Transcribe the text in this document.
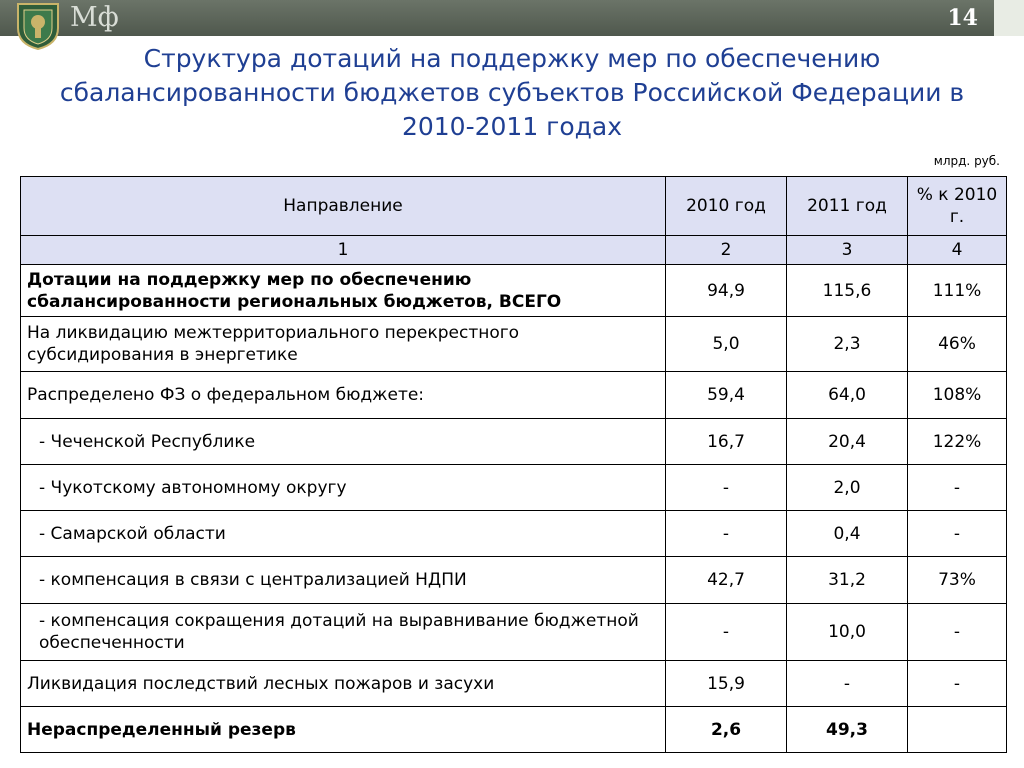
Мф	14
Структура дотаций на поддержку мер по обеспечению сбалансированности бюджетов субъектов Российской Федерации в 2010-2011 годах
млрд. руб.
Направление	2010 год	2011 год	% к 2010 г.
1	2	3	4
Дотации на поддержку мер по обеспечению сбалансированности региональных бюджетов, ВСЕГО	94,9	115,6	111%
На ликвидацию межтерриториального перекрестного субсидирования в энергетике	5,0	2,3	46%
Распределено ФЗ о федеральном бюджете:	59,4	64,0	108%
- Чеченской Республике	16,7	20,4	122%
- Чукотскому автономному округу	-	2,0	-
- Самарской области	-	0,4	-
- компенсация в связи с централизацией НДПИ	42,7	31,2	73%
- компенсация сокращения дотаций на выравнивание бюджетной обеспеченности	-	10,0	-
Ликвидация последствий лесных пожаров и засухи	15,9	-	-
Нераспределенный резерв	2,6	49,3	
